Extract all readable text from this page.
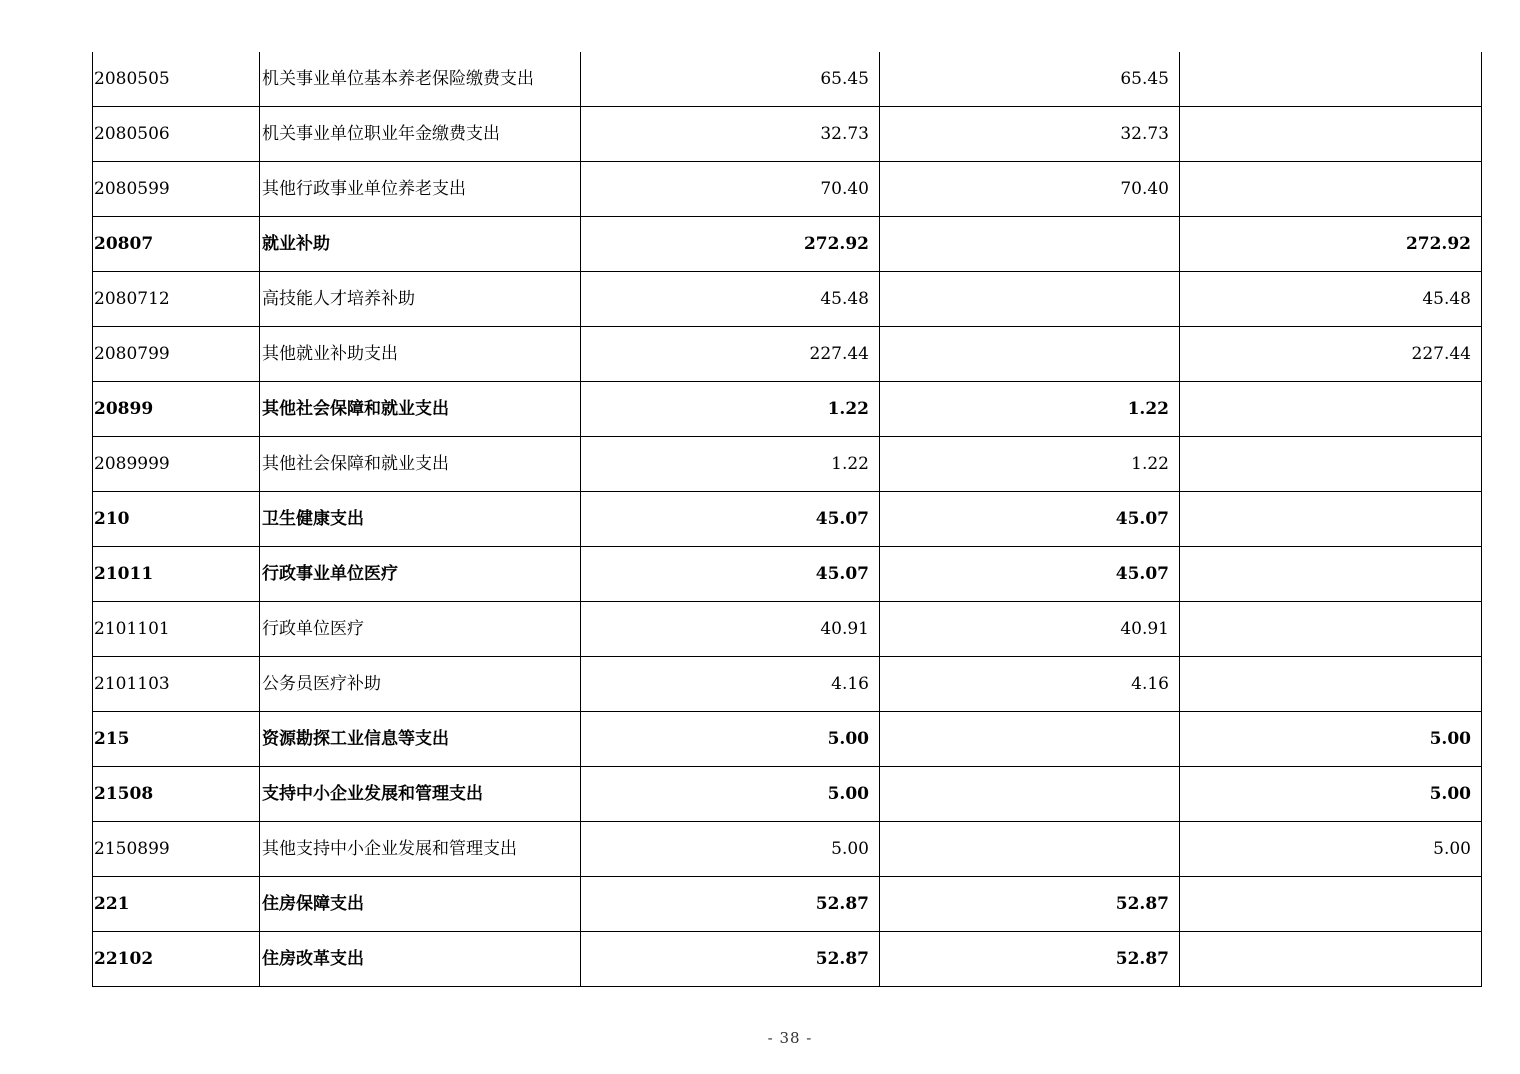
2080505	机关事业单位基本养老保险缴费支出	65.45	65.45	
2080506	机关事业单位职业年金缴费支出	32.73	32.73	
2080599	其他行政事业单位养老支出	70.40	70.40	
20807	就业补助	272.92		272.92
2080712	高技能人才培养补助	45.48		45.48
2080799	其他就业补助支出	227.44		227.44
20899	其他社会保障和就业支出	1.22	1.22	
2089999	其他社会保障和就业支出	1.22	1.22	
210	卫生健康支出	45.07	45.07	
21011	行政事业单位医疗	45.07	45.07	
2101101	行政单位医疗	40.91	40.91	
2101103	公务员医疗补助	4.16	4.16	
215	资源勘探工业信息等支出	5.00		5.00
21508	支持中小企业发展和管理支出	5.00		5.00
2150899	其他支持中小企业发展和管理支出	5.00		5.00
221	住房保障支出	52.87	52.87	
22102	住房改革支出	52.87	52.87	
- 38 -
